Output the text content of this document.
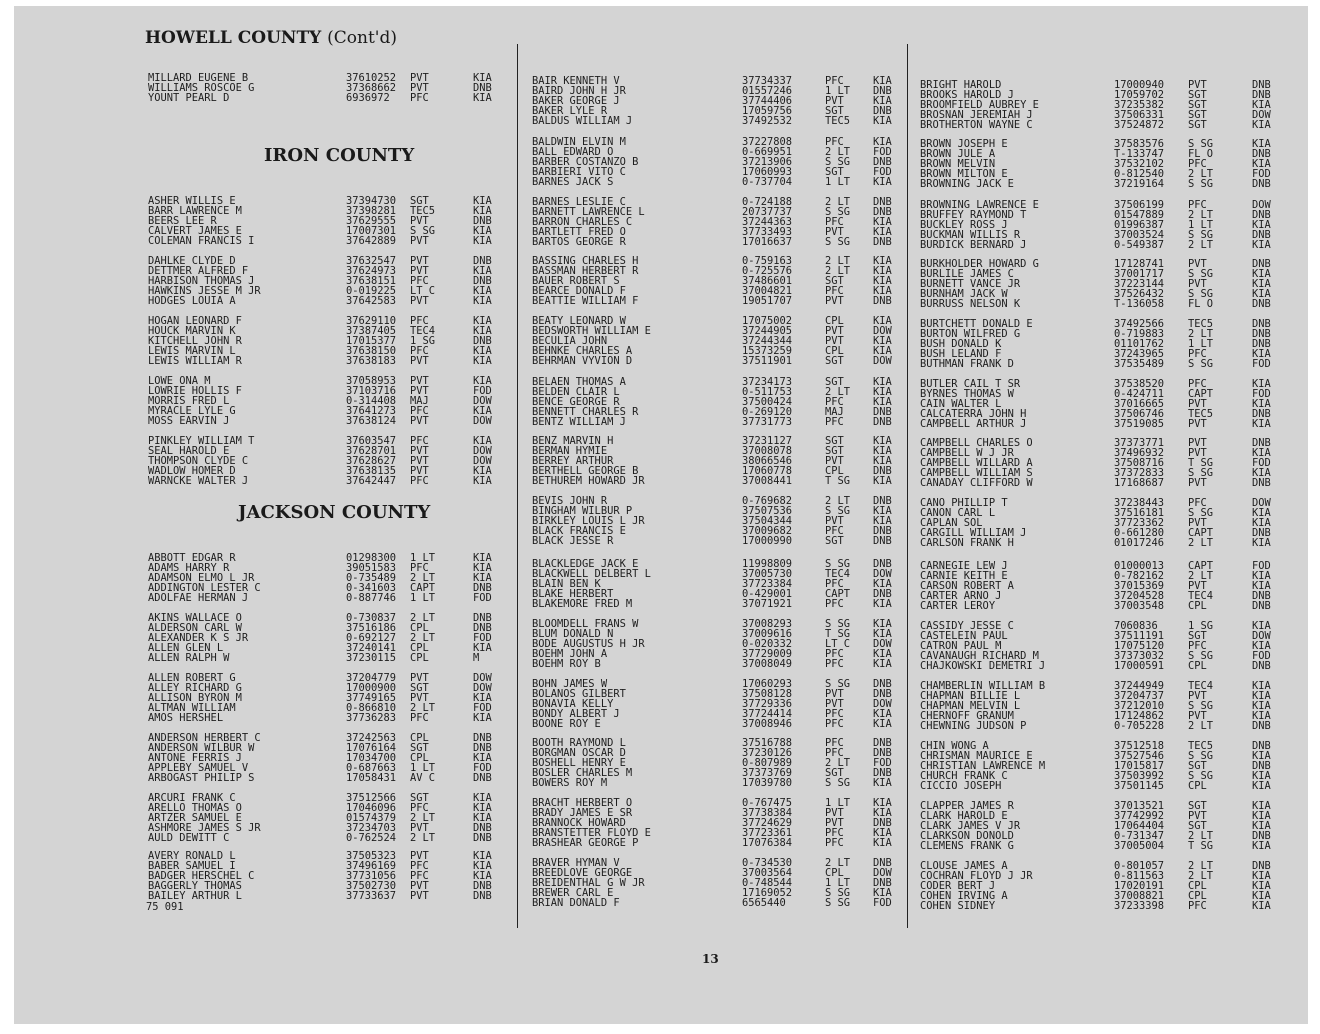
HOWELL COUNTY (Cont'd)
IRON COUNTY
JACKSON COUNTY
MILLARD EUGENE B	37610252 PVT	KIA
WILLIAMS ROSCOE G	37368662 PVT	DNB
YOUNT PEARL D	6936972 PFC	KIA
ASHER WILLIS E	37394730 SGT	KIA
BARR LAWRENCE M	37398281 TEC5	KIA
BEERS LEE R	37629555 PVT	DNB
CALVERT JAMES E	17007301 S SG	KIA
COLEMAN FRANCIS I	37642889 PVT	KIA
DAHLKE CLYDE D	37632547 PVT	DNB
DETTMER ALFRED F	37624973 PVT	KIA
HARBISON THOMAS J	37638151 PFC	DNB
HAWKINS JESSE M JR	0-019225 LT C	KIA
HODGES LOUIA A	37642583 PVT	KIA
HOGAN LEONARD F	37629110 PFC	KIA
HOUCK MARVIN K	37387405 TEC4	KIA
KITCHELL JOHN R	17015377 1 SG	DNB
LEWIS MARVIN L	37638150 PFC	KIA
LEWIS WILLIAM R	37638183 PVT	KIA
LOWE ONA M	37058953 PVT	KIA
LOWRIE HOLLIS F	37103716 PVT	FOD
MORRIS FRED L	0-314408 MAJ	DOW
MYRACLE LYLE G	37641273 PFC	KIA
MOSS EARVIN J	37638124 PVT	DOW
PINKLEY WILLIAM T	37603547 PFC	KIA
SEAL HAROLD E	37628701 PVT	DOW
THOMPSON CLYDE C	37628627 PVT	DOW
WADLOW HOMER D	37638135 PVT	KIA
WARNCKE WALTER J	37642447 PFC	KIA
ABBOTT EDGAR R	01298300 1 LT	KIA
ADAMS HARRY R	39051583 PFC	KIA
ADAMSON ELMO L JR	0-735489 2 LT	KIA
ADDINGTON LESTER C	0-341603 CAPT	DNB
ADOLFAE HERMAN J	0-887746 1 LT	FOD
AKINS WALLACE O	0-730837 2 LT	DNB
ALDERSON CARL W	37516186 CPL	DNB
ALEXANDER K S JR	0-692127 2 LT	FOD
ALLEN GLEN L	37240141 CPL	KIA
ALLEN RALPH W	37230115 CPL	M
ALLEN ROBERT G	37204779 PVT	DOW
ALLEY RICHARD G	17000900 SGT	DOW
ALLISON BYRON M	37749165 PVT	KIA
ALTMAN WILLIAM	0-866810 2 LT	FOD
AMOS HERSHEL	37736283 PFC	KIA
ANDERSON HERBERT C	37242563 CPL	DNB
ANDERSON WILBUR W	17076164 SGT	DNB
ANTONE FERRIS J	17034700 CPL	KIA
APPLEBY SAMUEL V	0-687663 1 LT	FOD
ARBOGAST PHILIP S	17058431 AV C	DNB
ARCURI FRANK C	37512566 SGT	KIA
ARELLO THOMAS O	17046096 PFC	KIA
ARTZER SAMUEL E	01574379 2 LT	KIA
ASHMORE JAMES S JR	37234703 PVT	DNB
AULD DEWITT C	0-762524 2 LT	DNB
AVERY RONALD L	37505323 PVT	KIA
BABER SAMUEL I	37496169 PFC	KIA
BADGER HERSCHEL C	37731056 PFC	KIA
BAGGERLY THOMAS	37502730 PVT	DNB
BAILEY ARTHUR L	37733637 PVT	DNB
BAIR KENNETH V	37734337	PFC	KIA
BAIRD JOHN H JR	01557246	1 LT DNB
BAKER GEORGE J	37744406	PVT	KIA
BAKER LYLE R	17059756	SGT	DNB
BALDUS WILLIAM J	37492532	TEC5 KIA
BALDWIN ELVIN M	37227808	PFC	KIA
BALL EDWARD O	0-669951	2 LT FOD
BARBER COSTANZO B	37213906	S SG DNB
BARBIERI VITO C	17060993	SGT	FOD
BARNES JACK S	0-737704	1 LT KIA
BARNES LESLIE C	0-724188	2 LT DNB
BARNETT LAWRENCE L	20737737	S SG DNB
BARRON CHARLES C	37244363	PFC	KIA
BARTLETT FRED O	37733493	PVT	KIA
BARTOS GEORGE R	17016637	S SG DNB
BASSING CHARLES H	0-759163	2 LT KIA
BASSMAN HERBERT R	0-725576	2 LT KIA
BAUER ROBERT S	37486601	SGT	KIA
BEARCE DONALD F	37004821	PFC	KIA
BEATTIE WILLIAM F	19051707	PVT	DNB
BEATY LEONARD W	17075002	CPL	KIA
BEDSWORTH WILLIAM E	37244905	PVT	DOW
BECULIA JOHN	37244344	PVT	KIA
BEHNKE CHARLES A	15373259	CPL	KIA
BEHRMAN VYVION D	37511901	SGT	DOW
BELAEN THOMAS A	37234173	SGT	KIA
BELDEN CLAIR L	0-511753	2 LT KIA
BENCE GEORGE R	37500424	PFC	KIA
BENNETT CHARLES R	0-269120	MAJ	DNB
BENTZ WILLIAM J	37731773	PFC	DNB
BENZ MARVIN H	37231127	SGT	KIA
BERMAN HYMIE	37008078	SGT	KIA
BERREY ARTHUR	38066546	PVT	KIA
BERTHELL GEORGE B	17060778	CPL	DNB
BETHUREM HOWARD JR	37008441	T SG KIA
BEVIS JOHN R	0-769682	2 LT DNB
BINGHAM WILBUR P	37507536	S SG KIA
BIRKLEY LOUIS L JR	37504344	PVT	KIA
BLACK FRANCIS E	37009682	PFC	DNB
BLACK JESSE R	17000990	SGT	DNB
BLACKLEDGE JACK E	11998809	S SG DNB
BLACKWELL DELBERT L	37005730	TEC4 DOW
BLAIN BEN K	37723384	PFC	KIA
BLAKE HERBERT	0-429001	CAPT DNB
BLAKEMORE FRED M	37071921	PFC	KIA
BLOOMDELL FRANS W	37008293	S SG KIA
BLUM DONALD N	37009616	T SG KIA
BODE AUGUSTUS H JR	0-020332	LT C DOW
BOEHM JOHN A	37729009	PFC	KIA
BOEHM ROY B	37008049	PFC	KIA
BOHN JAMES W	17060293	S SG DNB
BOLANOS GILBERT	37508128	PVT	DNB
BONAVIA KELLY	37729336	PVT	DOW
BONDY ALBERT J	37724414	PFC	KIA
BOONE ROY E	37008946	PFC	KIA
BOOTH RAYMOND L	37516788	PFC	DNB
BORGMAN OSCAR D	37230126	PFC	DNB
BOSHELL HENRY E	0-807989	2 LT FOD
BOSLER CHARLES M	37373769	SGT	DNB
BOWERS ROY M	17039780	S SG KIA
BRACHT HERBERT O	0-767475	1 LT KIA
BRADY JAMES E SR	37738384	PVT	KIA
BRANNOCK HOWARD	37724629	PVT	DNB
BRANSTETTER FLOYD E	37723361	PFC	KIA
BRASHEAR GEORGE P	17076384	PFC	KIA
BRAVER HYMAN V	0-734530	2 LT DNB
BREEDLOVE GEORGE	37003564	CPL	DOW
BREIDENTHAL G W JR	0-748544	1 LT DNB
BREWER CARL E	17169052	S SG KIA
BRIAN DONALD F	6565440	S SG FOD
BRIGHT HAROLD	17000940 PVT	DNB
BROOKS HAROLD J	17059702 SGT	DNB
BROOMFIELD AUBREY E	37235382 SGT	KIA
BROSNAN JEREMIAH J	37506331 SGT	DOW
BROTHERTON WAYNE C	37524872 SGT	KIA
BROWN JOSEPH E	37583576 S SG	KIA
BROWN JULE A	T-133747 FL O	DNB
BROWN MELVIN	37532102 PFC	KIA
BROWN MILTON E	0-812540 2 LT	FOD
BROWNING JACK E	37219164 S SG	DNB
BROWNING LAWRENCE E	37506199 PFC	DOW
BRUFFEY RAYMOND T	01547889 2 LT	DNB
BUCKLEY ROSS J	01996387 1 LT	KIA
BUCKMAN WILLIS R	37003524 S SG	DNB
BURDICK BERNARD J	0-549387 2 LT	KIA
BURKHOLDER HOWARD G	17128741 PVT	DNB
BURLILE JAMES C	37001717 S SG	KIA
BURNETT VANCE JR	37223144 PVT	KIA
BURNHAM JACK W	37526432 S SG	KIA
BURRUSS NELSON K	T-136058 FL O	DNB
BURTCHETT DONALD E	37492566 TEC5	DNB
BURTON WILFRED G	0-719883 2 LT	DNB
BUSH DONALD K	01101762 1 LT	DNB
BUSH LELAND F	37243965 PFC	KIA
BUTHMAN FRANK D	37535489 S SG	FOD
BUTLER CAIL T SR	37538520 PFC	KIA
BYRNES THOMAS W	0-424711 CAPT	FOD
CAIN WALTER L	37016665 PVT	KIA
CALCATERRA JOHN H	37506746 TEC5	DNB
CAMPBELL ARTHUR J	37519085 PVT	KIA
CAMPBELL CHARLES O	37373771 PVT	DNB
CAMPBELL W J JR	37496932 PVT	KIA
CAMPBELL WILLARD A	37508716 T SG	FOD
CAMPBELL WILLIAM S	37372833 S SG	KIA
CANADAY CLIFFORD W	17168687 PVT	DNB
CANO PHILLIP T	37238443 PFC	DOW
CANON CARL L	37516181 S SG	KIA
CAPLAN SOL	37723362 PVT	KIA
CARGILL WILLIAM J	0-661280 CAPT	DNB
CARLSON FRANK H	01017246 2 LT	KIA
CARNEGIE LEW J	01000013 CAPT	FOD
CARNIE KEITH E	0-782162 2 LT	KIA
CARSON ROBERT A	37015369 PVT	KIA
CARTER ARNO J	37204528 TEC4	DNB
CARTER LEROY	37003548 CPL	DNB
CASSIDY JESSE C	7060836	1 SG	KIA
CASTELEIN PAUL	37511191 SGT	DOW
CATRON PAUL M	17075120 PFC	KIA
CAVANAUGH RICHARD M	37373032 S SG	FOD
CHAJKOWSKI DEMETRI J	17000591 CPL	DNB
CHAMBERLIN WILLIAM B	37244949 TEC4	KIA
CHAPMAN BILLIE L	37204737 PVT	KIA
CHAPMAN MELVIN L	37212010 S SG	KIA
CHERNOFF GRANUM	17124862 PVT	KIA
CHEWNING JUDSON P	0-705228 2 LT	DNB
CHIN WONG A	37512518 TEC5	DNB
CHRISMAN MAURICE E	37527546 S SG	KIA
CHRISTIAN LAWRENCE M	17015817 SGT	DNB
CHURCH FRANK C	37503992 S SG	KIA
CICCIO JOSEPH	37501145 CPL	KIA
CLAPPER JAMES R	37013521 SGT	KIA
CLARK HAROLD E	37742992 PVT	KIA
CLARK JAMES V JR	17064404 SGT	KIA
CLARKSON DONOLD	0-731347 2 LT	DNB
CLEMENS FRANK G	37005004 T SG	KIA
CLOUSE JAMES A	0-801057 2 LT	DNB
COCHRAN FLOYD J JR	0-811563 2 LT	KIA
CODER BERT J	17020191 CPL	KIA
COHEN IRVING A	37008821 CPL	KIA
COHEN SIDNEY	37233398 PFC	KIA
75 091
13
